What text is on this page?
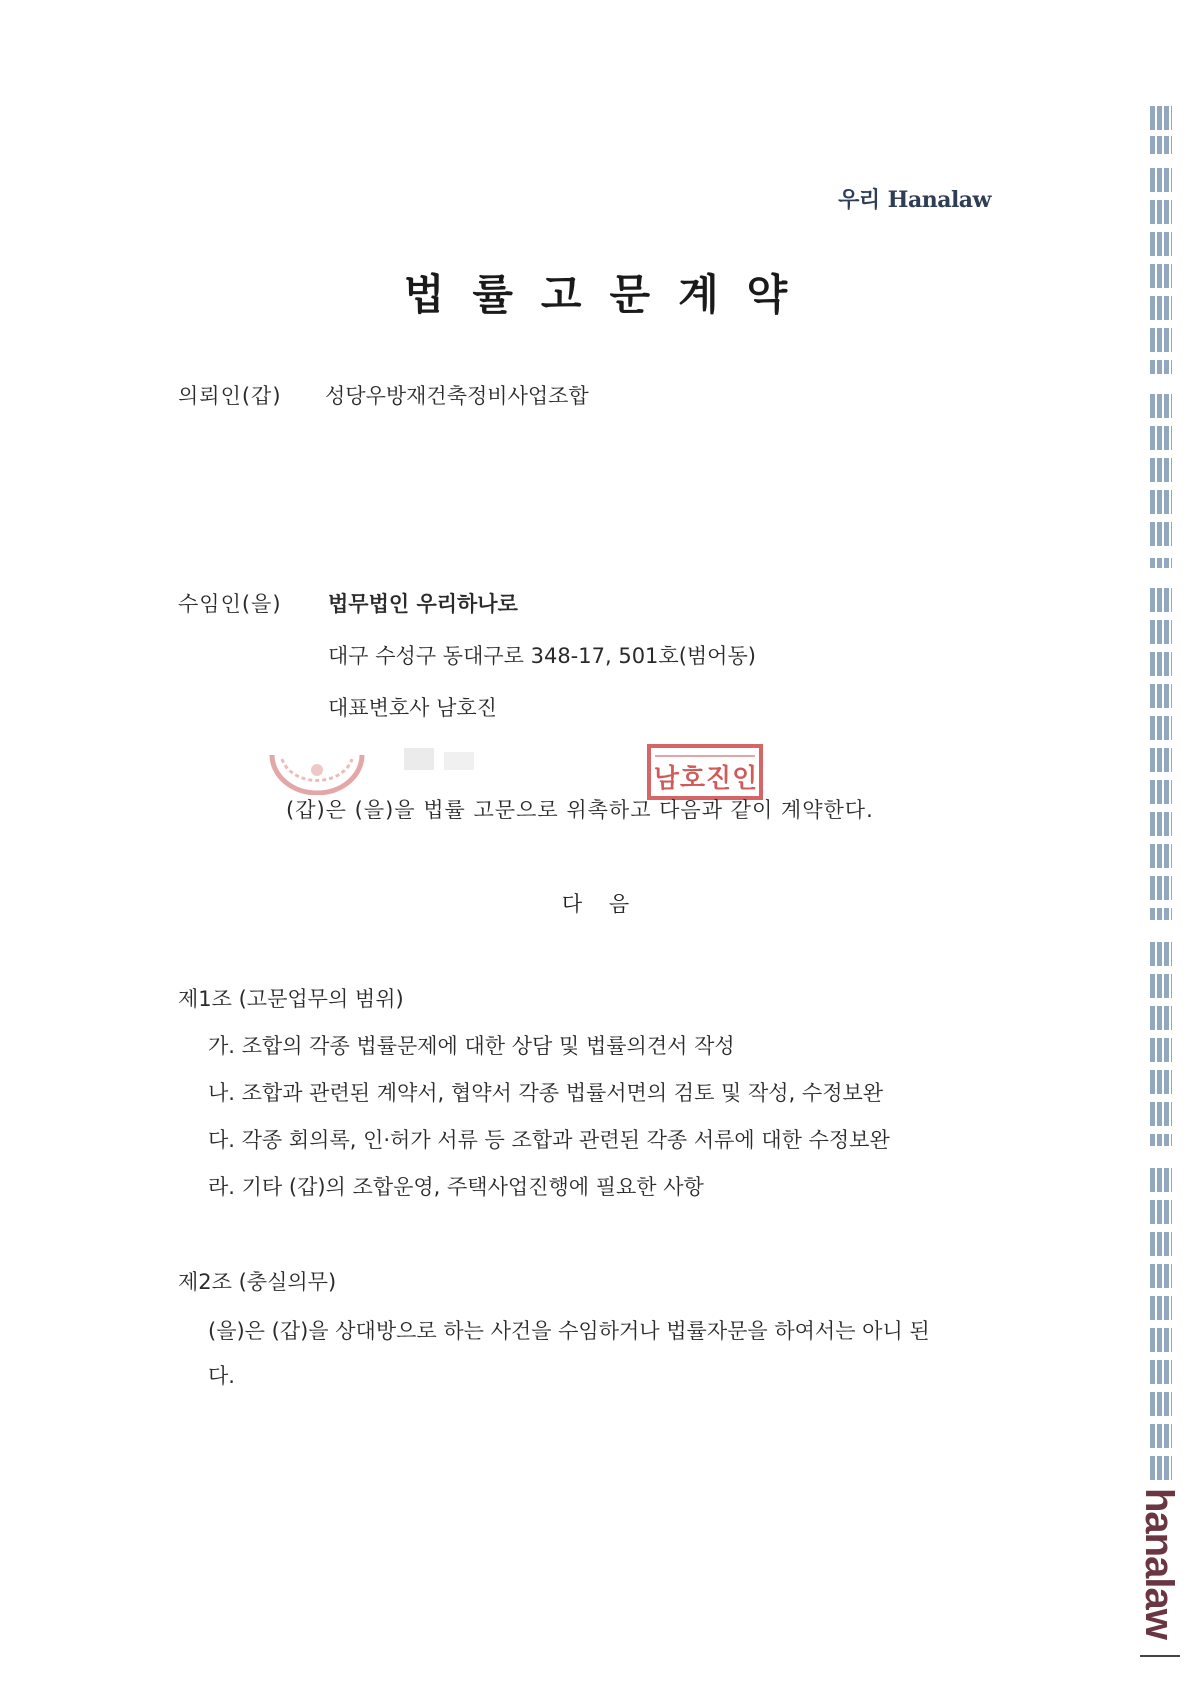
우리 Hanalaw
법률고문계약
의뢰인(갑) 성당우방재건축정비사업조합
수임인(을) 법무법인 우리하나로
대구 수성구 동대구로 348-17, 501호(범어동)
대표변호사 남호진
남호진인
(갑)은 (을)을 법률 고문으로 위촉하고 다음과 같이 계약한다.
다 음
제1조 (고문업무의 범위)
가. 조합의 각종 법률문제에 대한 상담 및 법률의견서 작성
나. 조합과 관련된 계약서, 협약서 각종 법률서면의 검토 및 작성, 수정보완
다. 각종 회의록, 인·허가 서류 등 조합과 관련된 각종 서류에 대한 수정보완
라. 기타 (갑)의 조합운영, 주택사업진행에 필요한 사항
제2조 (충실의무)
(을)은 (갑)을 상대방으로 하는 사건을 수임하거나 법률자문을 하여서는 아니 된
다.
hanalaw
